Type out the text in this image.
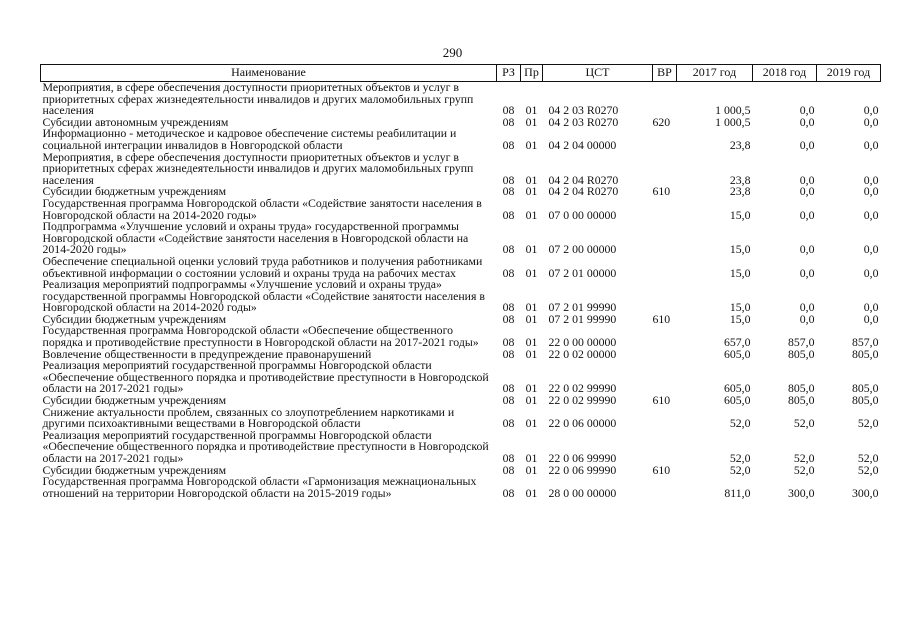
290
Наименование	РЗ	Пр	ЦСТ	ВР	2017 год	2018 год	2019 год
Мероприятия, в сфере обеспечения доступности приоритетных объектов и услуг в приоритетных сферах жизнедеятельности инвалидов и других маломобильных групп населения	08	01	04 2 03 R0270		1 000,5	0,0	0,0
Субсидии автономным учреждениям	08	01	04 2 03 R0270	620	1 000,5	0,0	0,0
Информационно - методическое и кадровое обеспечение системы реабилитации и социальной интеграции инвалидов в Новгородской области	08	01	04 2 04 00000		23,8	0,0	0,0
Мероприятия, в сфере обеспечения доступности приоритетных объектов и услуг в приоритетных сферах жизнедеятельности инвалидов и других маломобильных групп населения	08	01	04 2 04 R0270		23,8	0,0	0,0
Субсидии бюджетным учреждениям	08	01	04 2 04 R0270	610	23,8	0,0	0,0
Государственная программа Новгородской области «Содействие занятости населения в Новгородской области на 2014-2020 годы»	08	01	07 0 00 00000		15,0	0,0	0,0
Подпрограмма «Улучшение условий и охраны труда» государственной программы Новгородской области «Содействие занятости населения в Новгородской области на 2014-2020 годы»	08	01	07 2 00 00000		15,0	0,0	0,0
Обеспечение специальной оценки условий труда работников и получения работниками объективной информации о состоянии условий и охраны труда на рабочих местах	08	01	07 2 01 00000		15,0	0,0	0,0
Реализация мероприятий подпрограммы «Улучшение условий и охраны труда» государственной программы Новгородской области «Содействие занятости населения в Новгородской области на 2014-2020 годы»	08	01	07 2 01 99990		15,0	0,0	0,0
Субсидии бюджетным учреждениям	08	01	07 2 01 99990	610	15,0	0,0	0,0
Государственная программа Новгородской области «Обеспечение общественного порядка и противодействие преступности в Новгородской области на 2017-2021 годы»	08	01	22 0 00 00000		657,0	857,0	857,0
Вовлечение общественности в предупреждение правонарушений	08	01	22 0 02 00000		605,0	805,0	805,0
Реализация мероприятий государственной программы Новгородской области «Обеспечение общественного порядка и противодействие преступности в Новгородской области на 2017-2021 годы»	08	01	22 0 02 99990		605,0	805,0	805,0
Субсидии бюджетным учреждениям	08	01	22 0 02 99990	610	605,0	805,0	805,0
Снижение актуальности проблем, связанных со злоупотреблением наркотиками и другими психоактивными веществами в Новгородской области	08	01	22 0 06 00000		52,0	52,0	52,0
Реализация мероприятий государственной программы Новгородской области «Обеспечение общественного порядка и противодействие преступности в Новгородской области на 2017-2021 годы»	08	01	22 0 06 99990		52,0	52,0	52,0
Субсидии бюджетным учреждениям	08	01	22 0 06 99990	610	52,0	52,0	52,0
Государственная программа Новгородской области «Гармонизация межнациональных отношений на территории Новгородской области на 2015-2019 годы»	08	01	28 0 00 00000		811,0	300,0	300,0
